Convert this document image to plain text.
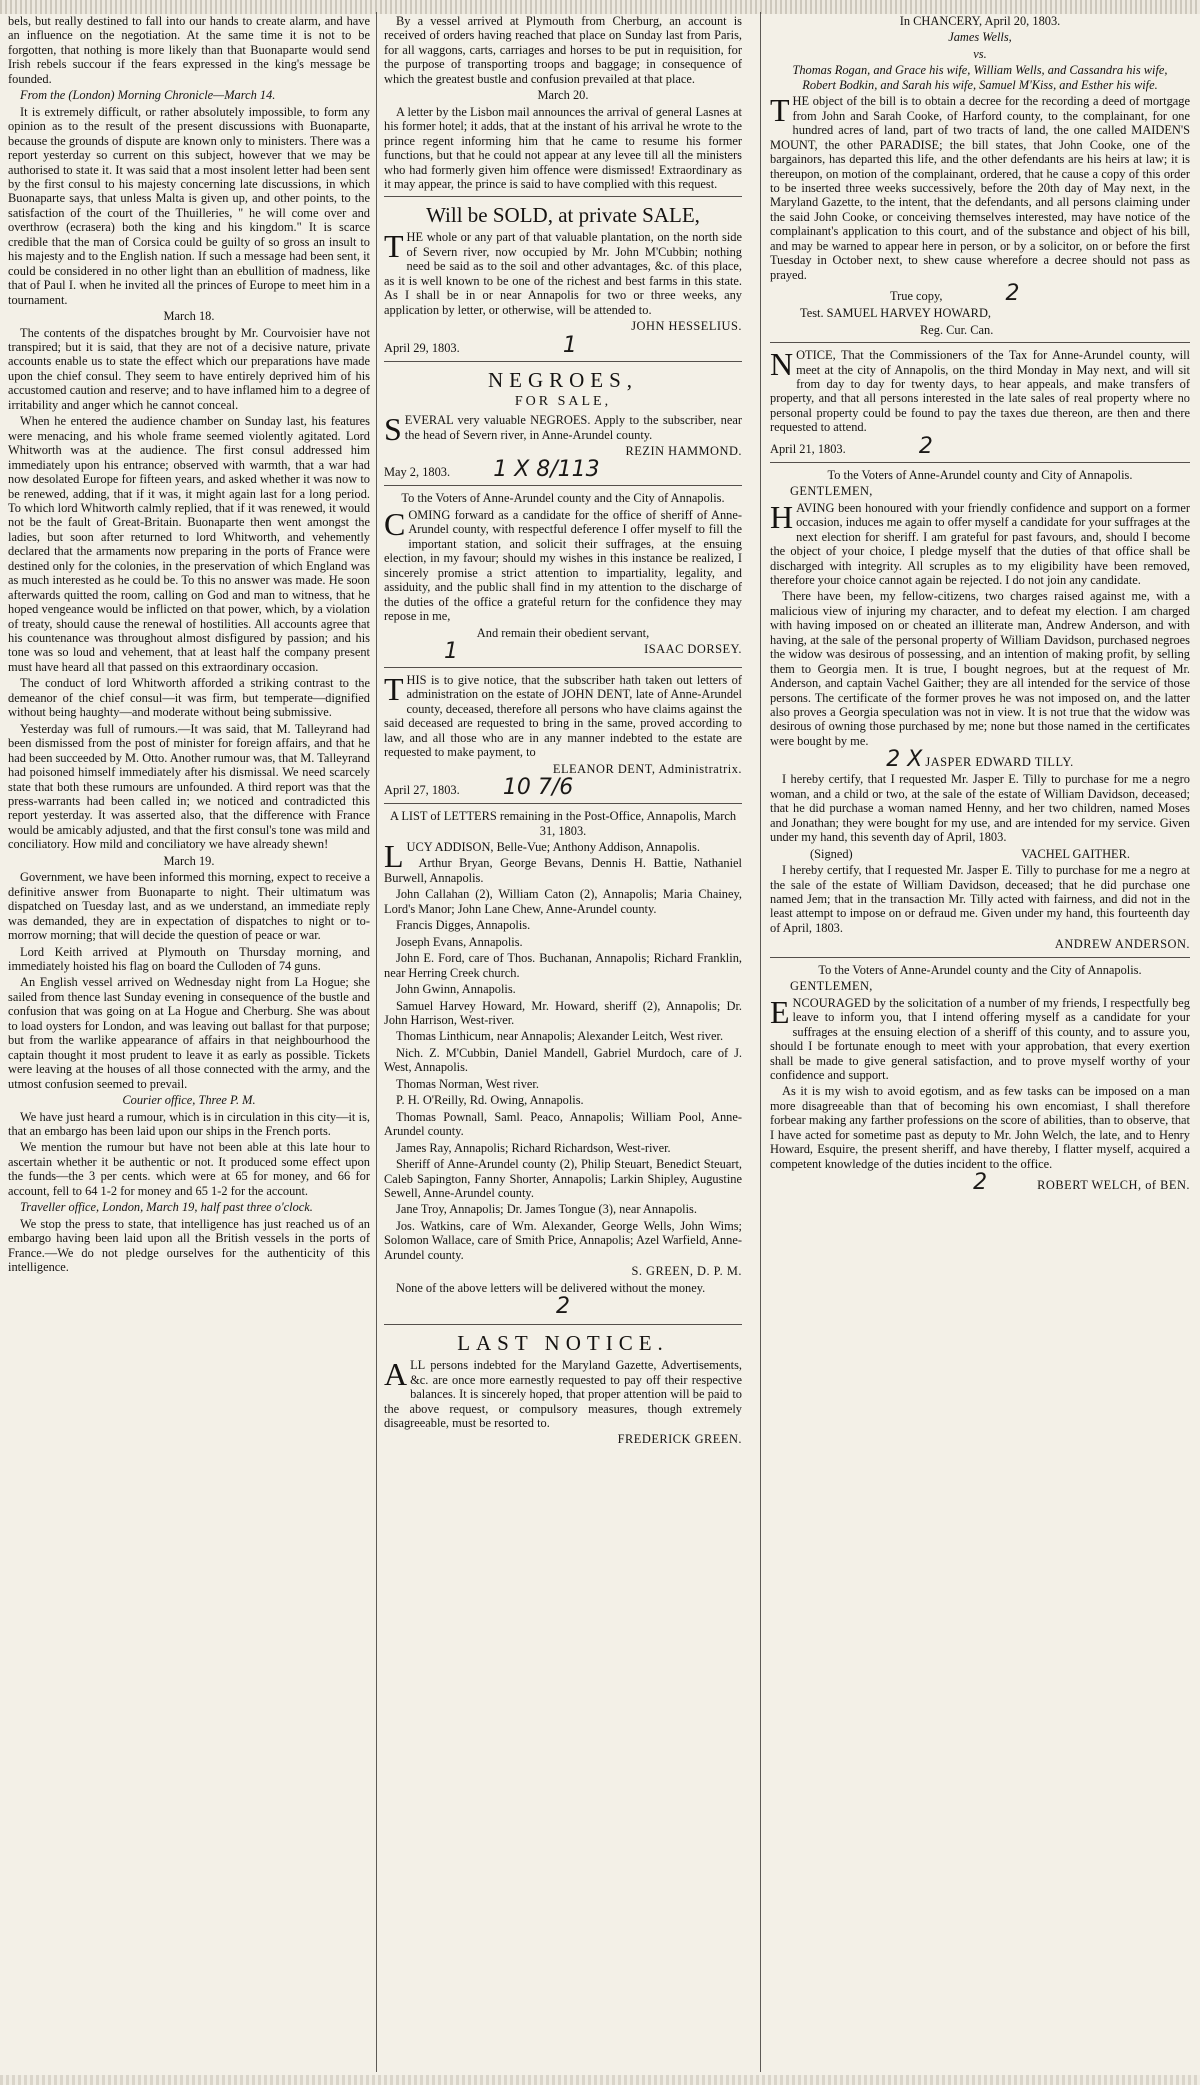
bels, but really destined to fall into our hands to create alarm, and have an influence on the negotiation. At the same time it is not to be forgotten, that nothing is more likely than that Buonaparte would send Irish rebels succour if the fears expressed in the king's message be founded.

From the (London) Morning Chronicle—March 14.

It is extremely difficult, or rather absolutely impossible, to form any opinion as to the result of the present discussions with Buonaparte, because the grounds of dispute are known only to ministers. There was a report yesterday so current on this subject, however that we may be authorised to state it. It was said that a most insolent letter had been sent by the first consul to his majesty concerning late discussions, in which Buonaparte says, that unless Malta is given up, and other points, to the satisfaction of the court of the Thuilleries, " he will come over and overthrow (ecrasera) both the king and his kingdom." It is scarce credible that the man of Corsica could be guilty of so gross an insult to his majesty and to the English nation. If such a message had been sent, it could be considered in no other light than an ebullition of madness, like that of Paul I. when he invited all the princes of Europe to meet him in a tournament.

March 18.

The contents of the dispatches brought by Mr. Courvoisier have not transpired; but it is said, that they are not of a decisive nature, private accounts enable us to state the effect which our preparations have made upon the chief consul. They seem to have entirely deprived him of his accustomed caution and reserve; and to have inflamed him to a degree of irritability and anger which he cannot conceal.

When he entered the audience chamber on Sunday last, his features were menacing, and his whole frame seemed violently agitated. Lord Whitworth was at the audience. The first consul addressed him immediately upon his entrance; observed with warmth, that a war had now desolated Europe for fifteen years, and asked whether it was now to be renewed, adding, that if it was, it might again last for a long period. To which lord Whitworth calmly replied, that if it was renewed, it would not be the fault of Great-Britain. Buonaparte then went amongst the ladies, but soon after returned to lord Whitworth, and vehemently declared that the armaments now preparing in the ports of France were destined only for the colonies, in the preservation of which England was as much interested as he could be. To this no answer was made. He soon afterwards quitted the room, calling on God and man to witness, that he hoped vengeance would be inflicted on that power, which, by a violation of treaty, should cause the renewal of hostilities. All accounts agree that his countenance was throughout almost disfigured by passion; and his tone was so loud and vehement, that at least half the company present must have heard all that passed on this extraordinary occasion.

The conduct of lord Whitworth afforded a striking contrast to the demeanor of the chief consul—it was firm, but temperate—dignified without being haughty—and moderate without being submissive.

Yesterday was full of rumours.—It was said, that M. Talleyrand had been dismissed from the post of minister for foreign affairs, and that he had been succeeded by M. Otto. Another rumour was, that M. Talleyrand had poisoned himself immediately after his dismissal. We need scarcely state that both these rumours are unfounded. A third report was that the press-warrants had been called in; we noticed and contradicted this report yesterday. It was asserted also, that the difference with France would be amicably adjusted, and that the first consul's tone was mild and conciliatory. How mild and conciliatory we have already shewn!

March 19.

Government, we have been informed this morning, expect to receive a definitive answer from Buonaparte to night. Their ultimatum was dispatched on Tuesday last, and as we understand, an immediate reply was demanded, they are in expectation of dispatches to night or to-morrow morning; that will decide the question of peace or war.

Lord Keith arrived at Plymouth on Thursday morning, and immediately hoisted his flag on board the Culloden of 74 guns.

An English vessel arrived on Wednesday night from La Hogue; she sailed from thence last Sunday evening in consequence of the bustle and confusion that was going on at La Hogue and Cherburg. She was about to load oysters for London, and was leaving out ballast for that purpose; but from the warlike appearance of affairs in that neighbourhood the captain thought it most prudent to leave it as early as possible. Tickets were leaving at the houses of all those connected with the army, and the utmost confusion seemed to prevail.

Courier office, Three P. M.

We have just heard a rumour, which is in circulation in this city—it is, that an embargo has been laid upon our ships in the French ports.

We mention the rumour but have not been able at this late hour to ascertain whether it be authentic or not. It produced some effect upon the funds—the 3 per cents. which were at 65 for money, and 66 for account, fell to 64 1-2 for money and 65 1-2 for the account.

Traveller office, London, March 19, half past three o'clock.

We stop the press to state, that intelligence has just reached us of an embargo having been laid upon all the British vessels in the ports of France.—We do not pledge ourselves for the authenticity of this intelligence.

By a vessel arrived at Plymouth from Cherburg, an account is received of orders having reached that place on Sunday last from Paris, for all waggons, carts, carriages and horses to be put in requisition, for the purpose of transporting troops and baggage; in consequence of which the greatest bustle and confusion prevailed at that place.

March 20.

A letter by the Lisbon mail announces the arrival of general Lasnes at his former hotel; it adds, that at the instant of his arrival he wrote to the prince regent informing him that he came to resume his former functions, but that he could not appear at any levee till all the ministers who had formerly given him offence were dismissed! Extraordinary as it may appear, the prince is said to have complied with this request.

Will be SOLD, at private SALE,

THE whole or any part of that valuable plantation, on the north side of Severn river, now occupied by Mr. John M'Cubbin; nothing need be said as to the soil and other advantages, &c. of this place, as it is well known to be one of the richest and best farms in this state. As I shall be in or near Annapolis for two or three weeks, any application by letter, or otherwise, will be attended to.

JOHN HESSELIUS.

April 29, 1803.	1

NEGROES,

FOR SALE,

SEVERAL very valuable NEGROES. Apply to the subscriber, near the head of Severn river, in Anne-Arundel county.

REZIN HAMMOND.

May 2, 1803. 1 X 8/113

To the Voters of Anne-Arundel county and the City of Annapolis.

COMING forward as a candidate for the office of sheriff of Anne-Arundel county, with respectful deference I offer myself to fill the important station, and solicit their suffrages, at the ensuing election, in my favour; should my wishes in this instance be realized, I sincerely promise a strict attention to impartiality, legality, and assiduity, and the public shall find in my attention to the discharge of the duties of the office a grateful return for the confidence they may repose in me,

And remain their obedient servant,

1	ISAAC DORSEY.

THIS is to give notice, that the subscriber hath taken out letters of administration on the estate of JOHN DENT, late of Anne-Arundel county, deceased, therefore all persons who have claims against the said deceased are requested to bring in the same, proved according to law, and all those who are in any manner indebted to the estate are requested to make payment, to

ELEANOR DENT, Administratrix.

April 27, 1803. 10 7/6

A LIST of LETTERS remaining in the Post-Office, Annapolis, March 31, 1803.

LUCY ADDISON, Belle-Vue; Anthony Addison, Annapolis.

Arthur Bryan, George Bevans, Dennis H. Battie, Nathaniel Burwell, Annapolis.

John Callahan (2), William Caton (2), Annapolis; Maria Chainey, Lord's Manor; John Lane Chew, Anne-Arundel county.

Francis Digges, Annapolis.

Joseph Evans, Annapolis.

John E. Ford, care of Thos. Buchanan, Annapolis; Richard Franklin, near Herring Creek church.

John Gwinn, Annapolis.

Samuel Harvey Howard, Mr. Howard, sheriff (2), Annapolis; Dr. John Harrison, West-river.

Thomas Linthicum, near Annapolis; Alexander Leitch, West river.

Nich. Z. M'Cubbin, Daniel Mandell, Gabriel Murdoch, care of J. West, Annapolis.

Thomas Norman, West river.

P. H. O'Reilly, Rd. Owing, Annapolis.

Thomas Pownall, Saml. Peaco, Annapolis; William Pool, Anne-Arundel county.

James Ray, Annapolis; Richard Richardson, West-river.

Sheriff of Anne-Arundel county (2), Philip Steuart, Benedict Steuart, Caleb Sapington, Fanny Shorter, Annapolis; Larkin Shipley, Augustine Sewell, Anne-Arundel county.

Jane Troy, Annapolis; Dr. James Tongue (3), near Annapolis.

Jos. Watkins, care of Wm. Alexander, George Wells, John Wims; Solomon Wallace, care of Smith Price, Annapolis; Azel Warfield, Anne-Arundel county.

S. GREEN, D. P. M.

None of the above letters will be delivered without the money.

2

LAST NOTICE.

ALL persons indebted for the Maryland Gazette, Advertisements, &c. are once more earnestly requested to pay off their respective balances. It is sincerely hoped, that proper attention will be paid to the above request, or compulsory measures, though extremely disagreeable, must be resorted to.

FREDERICK GREEN.

In CHANCERY, April 20, 1803.

James Wells,

vs.

Thomas Rogan, and Grace his wife, William Wells, and Cassandra his wife, Robert Bodkin, and Sarah his wife, Samuel M'Kiss, and Esther his wife.

THE object of the bill is to obtain a decree for the recording a deed of mortgage from John and Sarah Cooke, of Harford county, to the complainant, for one hundred acres of land, part of two tracts of land, the one called MAIDEN'S MOUNT, the other PARADISE; the bill states, that John Cooke, one of the bargainors, has departed this life, and the other defendants are his heirs at law; it is thereupon, on motion of the complainant, ordered, that he cause a copy of this order to be inserted three weeks successively, before the 20th day of May next, in the Maryland Gazette, to the intent, that the defendants, and all persons claiming under the said John Cooke, or conceiving themselves interested, may have notice of the complainant's application to this court, and of the substance and object of his bill, and may be warned to appear here in person, or by a solicitor, on or before the first Tuesday in October next, to shew cause wherefore a decree should not pass as prayed.

True copy,	2

Test. SAMUEL HARVEY HOWARD,

Reg. Cur. Can.

NOTICE, That the Commissioners of the Tax for Anne-Arundel county, will meet at the city of Annapolis, on the third Monday in May next, and will sit from day to day for twenty days, to hear appeals, and make transfers of property, and that all persons interested in the late sales of real property where no personal property could be found to pay the taxes due thereon, are then and there requested to attend.

April 21, 1803.	2

To the Voters of Anne-Arundel county and City of Annapolis.

GENTLEMEN,

HAVING been honoured with your friendly confidence and support on a former occasion, induces me again to offer myself a candidate for your suffrages at the next election for sheriff. I am grateful for past favours, and, should I become the object of your choice, I pledge myself that the duties of that office shall be discharged with integrity. All scruples as to my eligibility have been removed, therefore your choice cannot again be rejected. I do not join any candidate.

There have been, my fellow-citizens, two charges raised against me, with a malicious view of injuring my character, and to defeat my election. I am charged with having imposed on or cheated an illiterate man, Andrew Anderson, and with having, at the sale of the personal property of William Davidson, purchased negroes the widow was desirous of possessing, and an intention of making profit, by selling them to Georgia men. It is true, I bought negroes, but at the request of Mr. Anderson, and captain Vachel Gaither; they are all intended for the service of those persons. The certificate of the former proves he was not imposed on, and the latter also proves a Georgia speculation was not in view. It is not true that the widow was desirous of owning those purchased by me; none but those named in the certificates were bought by me.

2 X JASPER EDWARD TILLY.

I hereby certify, that I requested Mr. Jasper E. Tilly to purchase for me a negro woman, and a child or two, at the sale of the estate of William Davidson, deceased; that he did purchase a woman named Henny, and her two children, named Moses and Jonathan; they were bought for my use, and are intended for my service. Given under my hand, this seventh day of April, 1803.

(Signed)	VACHEL GAITHER.

I hereby certify, that I requested Mr. Jasper E. Tilly to purchase for me a negro at the sale of the estate of William Davidson, deceased; that he did purchase one named Jem; that in the transaction Mr. Tilly acted with fairness, and did not in the least attempt to impose on or defraud me. Given under my hand, this fourteenth day of April, 1803.

ANDREW ANDERSON.

To the Voters of Anne-Arundel county and the City of Annapolis.

GENTLEMEN,

ENCOURAGED by the solicitation of a number of my friends, I respectfully beg leave to inform you, that I intend offering myself as a candidate for your suffrages at the ensuing election of a sheriff of this county, and to assure you, should I be fortunate enough to meet with your approbation, that every exertion shall be made to give general satisfaction, and to prove myself worthy of your confidence and support.

As it is my wish to avoid egotism, and as few tasks can be imposed on a man more disagreeable than that of becoming his own encomiast, I shall therefore forbear making any farther professions on the score of abilities, than to observe, that I have acted for sometime past as deputy to Mr. John Welch, the late, and to Henry Howard, Esquire, the present sheriff, and have thereby, I flatter myself, acquired a competent knowledge of the duties incident to the office.

2	ROBERT WELCH, of BEN.
